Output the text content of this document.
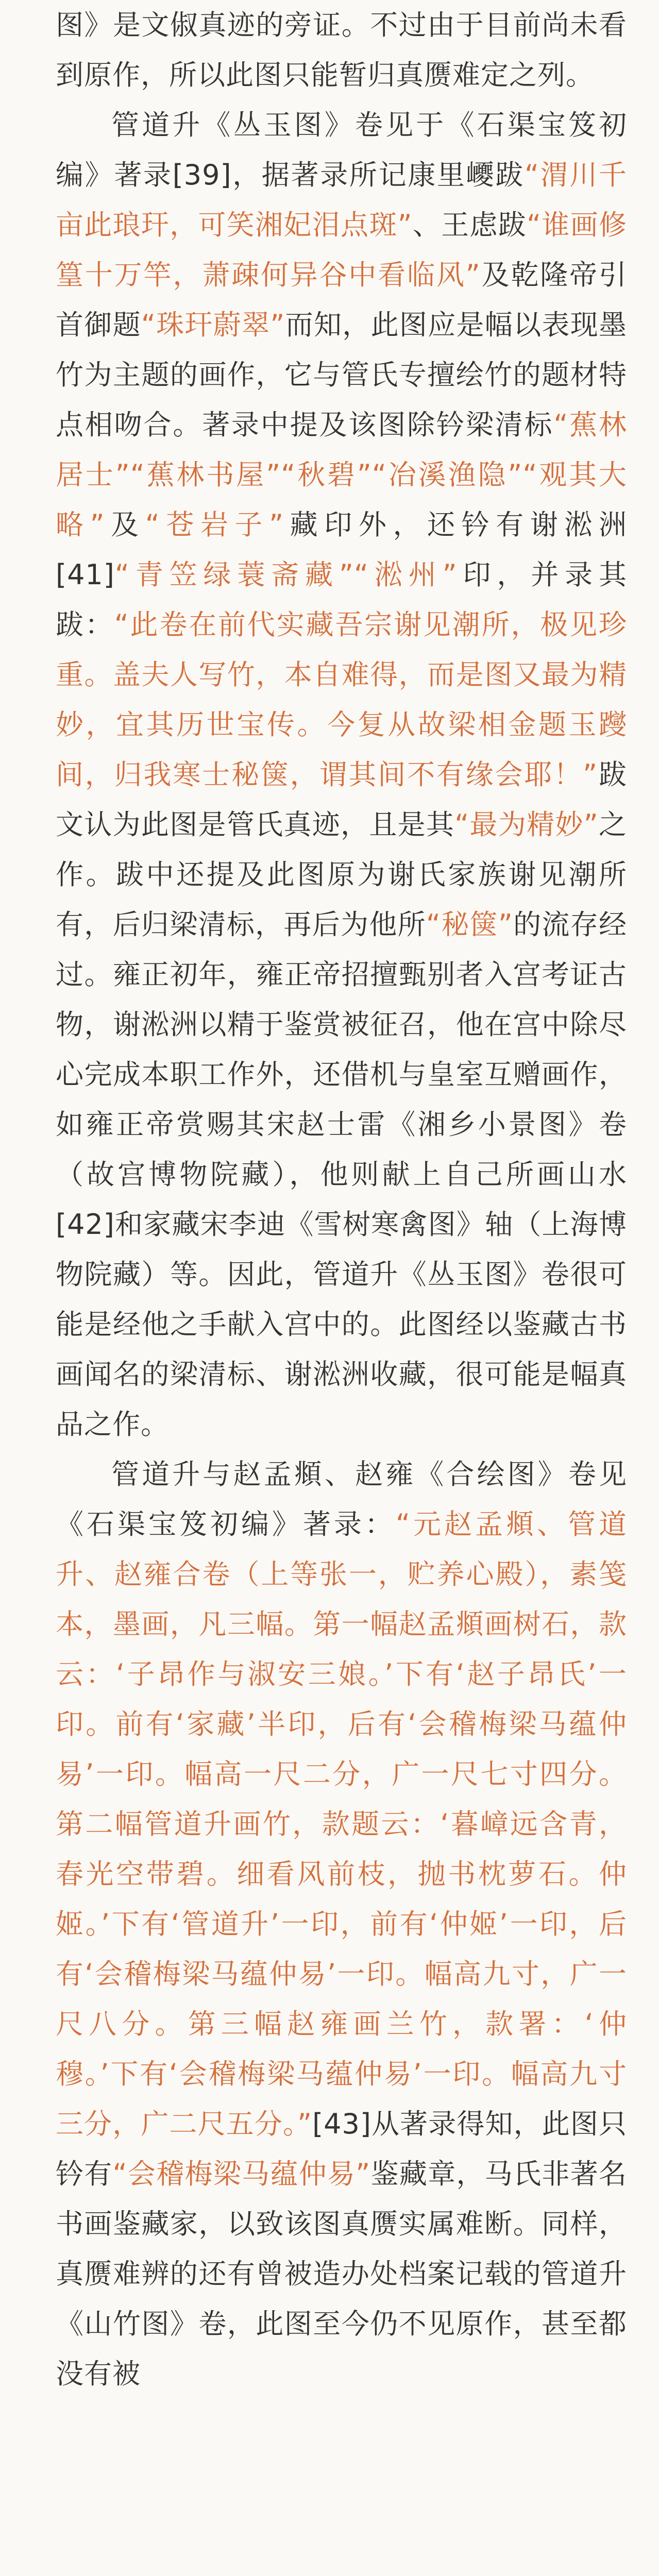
图》是文俶真迹的旁证。不过由于目前尚未看到原作，所以此图只能暂归真赝难定之列。

管道升《丛玉图》卷见于《石渠宝笈初编》著录[39]，据著录所记康里巎跋“渭川千亩此琅玕，可笑湘妃泪点斑”、王虑跋“谁画修篁十万竿，萧疎何异谷中看临风”及乾隆帝引首御题“珠玕蔚翠”而知，此图应是幅以表现墨竹为主题的画作，它与管氏专擅绘竹的题材特点相吻合。著录中提及该图除钤梁清标“蕉林居士”“蕉林书屋”“秋碧”“冶溪渔隐”“观其大略”及“苍岩子”藏印外，还钤有谢淞洲[41]“青笠绿蓑斋藏”“淞州”印，并录其跋：“此卷在前代实藏吾宗谢见潮所，极见珍重。盖夫人写竹，本自难得，而是图又最为精妙，宜其历世宝传。今复从故梁相金题玉躞间，归我寒士秘箧，谓其间不有缘会耶！”跋文认为此图是管氏真迹，且是其“最为精妙”之作。跋中还提及此图原为谢氏家族谢见潮所有，后归梁清标，再后为他所“秘箧”的流存经过。雍正初年，雍正帝招擅甄别者入宫考证古物，谢淞洲以精于鉴赏被征召，他在宫中除尽心完成本职工作外，还借机与皇室互赠画作，如雍正帝赏赐其宋赵士雷《湘乡小景图》卷（故宫博物院藏），他则献上自己所画山水[42]和家藏宋李迪《雪树寒禽图》轴（上海博物院藏）等。因此，管道升《丛玉图》卷很可能是经他之手献入宫中的。此图经以鉴藏古书画闻名的梁清标、谢淞洲收藏，很可能是幅真品之作。

管道升与赵孟頫、赵雍《合绘图》卷见《石渠宝笈初编》著录：“元赵孟頫、管道升、赵雍合卷（上等张一，贮养心殿），素笺本，墨画，凡三幅。第一幅赵孟頫画树石，款云：‘子昂作与淑安三娘。’下有‘赵子昂氏’一印。前有‘家藏’半印，后有‘会稽梅梁马蕴仲易’一印。幅高一尺二分，广一尺七寸四分。第二幅管道升画竹，款题云：‘暮嶂远含青，春光空带碧。细看风前枝，抛书枕萝石。仲姬。’下有‘管道升’一印，前有‘仲姬’一印，后有‘会稽梅梁马蕴仲易’一印。幅高九寸，广一尺八分。第三幅赵雍画兰竹，款署：‘仲穆。’下有‘会稽梅梁马蕴仲易’一印。幅高九寸三分，广二尺五分。”[43]从著录得知，此图只钤有“会稽梅梁马蕴仲易”鉴藏章，马氏非著名书画鉴藏家，以致该图真赝实属难断。同样，真赝难辨的还有曾被造办处档案记载的管道升《山竹图》卷，此图至今仍不见原作，甚至都没有被
